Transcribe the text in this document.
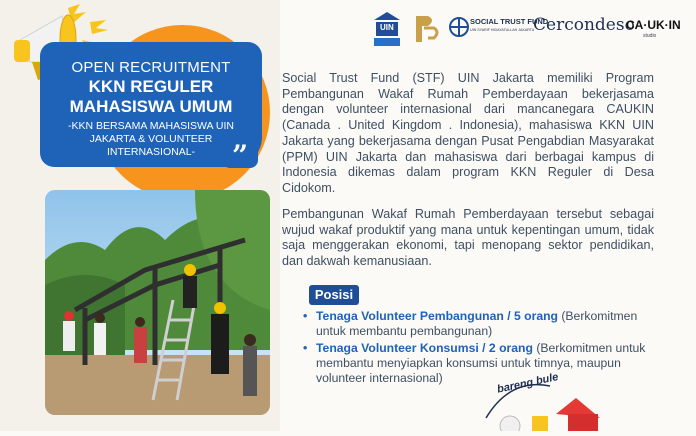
OPEN RECRUITMENT
KKN REGULER
MAHASISWA UMUM
-KKN BERSAMA MAHASISWA UIN JAKARTA & VOLUNTEER INTERNASIONAL-	”
UIN
SOCIAL TRUST FUND
UIN SYARIF HIDAYATULLAH JAKARTA
Cercondeso
CA·UK·IN
studio

Social Trust Fund (STF) UIN Jakarta memiliki Program Pembangunan Wakaf Rumah Pemberdayaan bekerjasama dengan volunteer internasional dari mancanegara CAUKIN (Canada . United Kingdom . Indonesia), mahasiswa KKN UIN Jakarta yang bekerjasama dengan Pusat Pengabdian Masyarakat (PPM) UIN Jakarta dan mahasiswa dari berbagai kampus di Indonesia dikemas dalam program KKN Reguler di Desa Cidokom.

Pembangunan Wakaf Rumah Pemberdayaan tersebut sebagai wujud wakaf produktif yang mana untuk kepentingan umum, tidak saja menggerakan ekonomi, tapi menopang sektor pendidikan, dan dakwah kemanusiaan.

Posisi
• Tenaga Volunteer Pembangunan / 5 orang (Berkomitmen untuk membantu pembangunan)
• Tenaga Volunteer Konsumsi / 2 orang (Berkomitmen untuk membantu menyiapkan konsumsi untuk timnya, maupun volunteer internasional)	bareng bule
